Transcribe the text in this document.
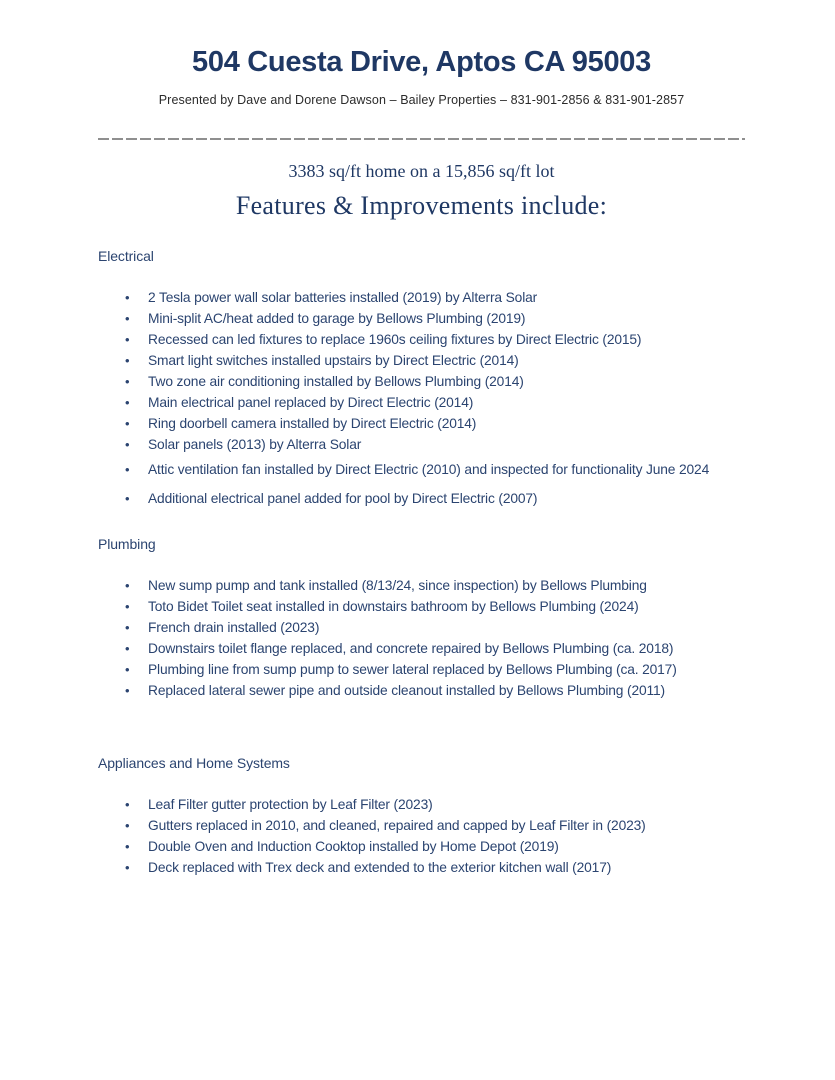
504 Cuesta Drive, Aptos CA 95003
Presented by Dave and Dorene Dawson – Bailey Properties – 831-901-2856 & 831-901-2857
3383 sq/ft home on a 15,856 sq/ft lot
Features & Improvements include:
Electrical
•	2 Tesla power wall solar batteries installed (2019) by Alterra Solar
•	Mini-split AC/heat added to garage by Bellows Plumbing (2019)
•	Recessed can led fixtures to replace 1960s ceiling fixtures by Direct Electric (2015)
•	Smart light switches installed upstairs by Direct Electric (2014)
•	Two zone air conditioning installed by Bellows Plumbing (2014)
•	Main electrical panel replaced by Direct Electric (2014)
•	Ring doorbell camera installed by Direct Electric (2014)
•	Solar panels (2013) by Alterra Solar
•	Attic ventilation fan installed by Direct Electric (2010) and inspected for functionality June 2024
•	Additional electrical panel added for pool by Direct Electric (2007)
Plumbing
•	New sump pump and tank installed (8/13/24, since inspection) by Bellows Plumbing
•	Toto Bidet Toilet seat installed in downstairs bathroom by Bellows Plumbing (2024)
•	French drain installed (2023)
•	Downstairs toilet flange replaced, and concrete repaired by Bellows Plumbing (ca. 2018)
•	Plumbing line from sump pump to sewer lateral replaced by Bellows Plumbing (ca. 2017)
•	Replaced lateral sewer pipe and outside cleanout installed by Bellows Plumbing (2011)
Appliances and Home Systems
•	Leaf Filter gutter protection by Leaf Filter (2023)
•	Gutters replaced in 2010, and cleaned, repaired and capped by Leaf Filter in (2023)
•	Double Oven and Induction Cooktop installed by Home Depot (2019)
•	Deck replaced with Trex deck and extended to the exterior kitchen wall (2017)
